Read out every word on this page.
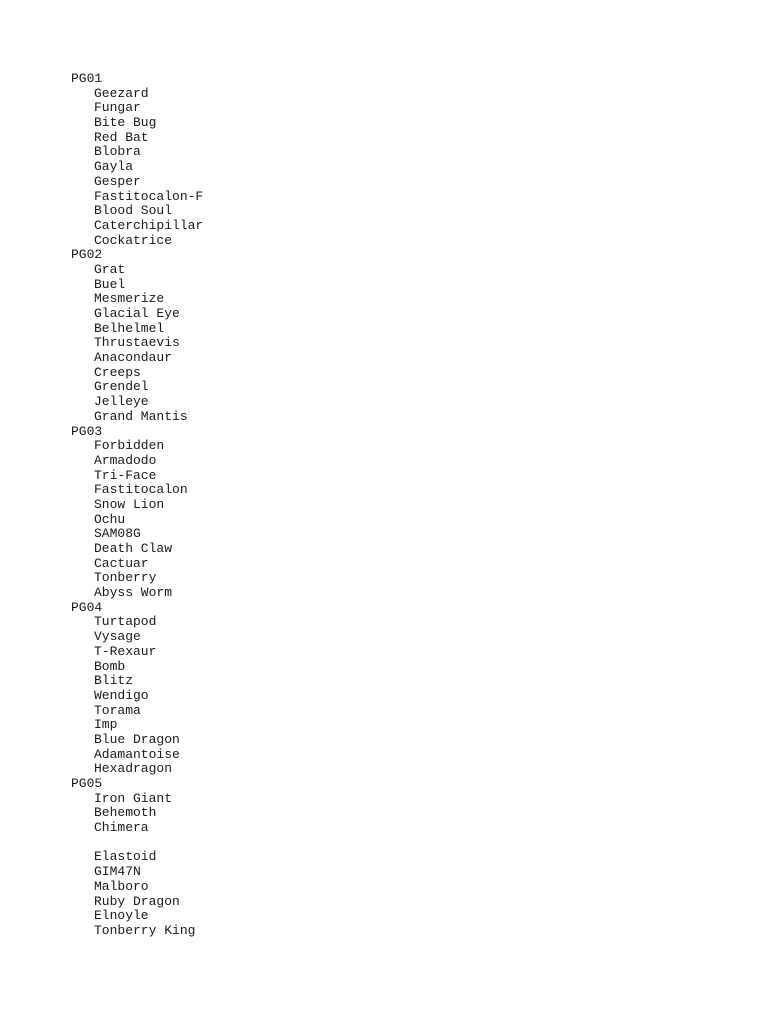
PG01
Geezard
Fungar
Bite Bug
Red Bat
Blobra
Gayla
Gesper
Fastitocalon-F
Blood Soul
Caterchipillar
Cockatrice
PG02
Grat
Buel
Mesmerize
Glacial Eye
Belhelmel
Thrustaevis
Anacondaur
Creeps
Grendel
Jelleye
Grand Mantis
PG03
Forbidden
Armadodo
Tri-Face
Fastitocalon
Snow Lion
Ochu
SAM08G
Death Claw
Cactuar
Tonberry
Abyss Worm
PG04
Turtapod
Vysage
T-Rexaur
Bomb
Blitz
Wendigo
Torama
Imp
Blue Dragon
Adamantoise
Hexadragon
PG05
Iron Giant
Behemoth
Chimera
Elastoid
GIM47N
Malboro
Ruby Dragon
Elnoyle
Tonberry King
